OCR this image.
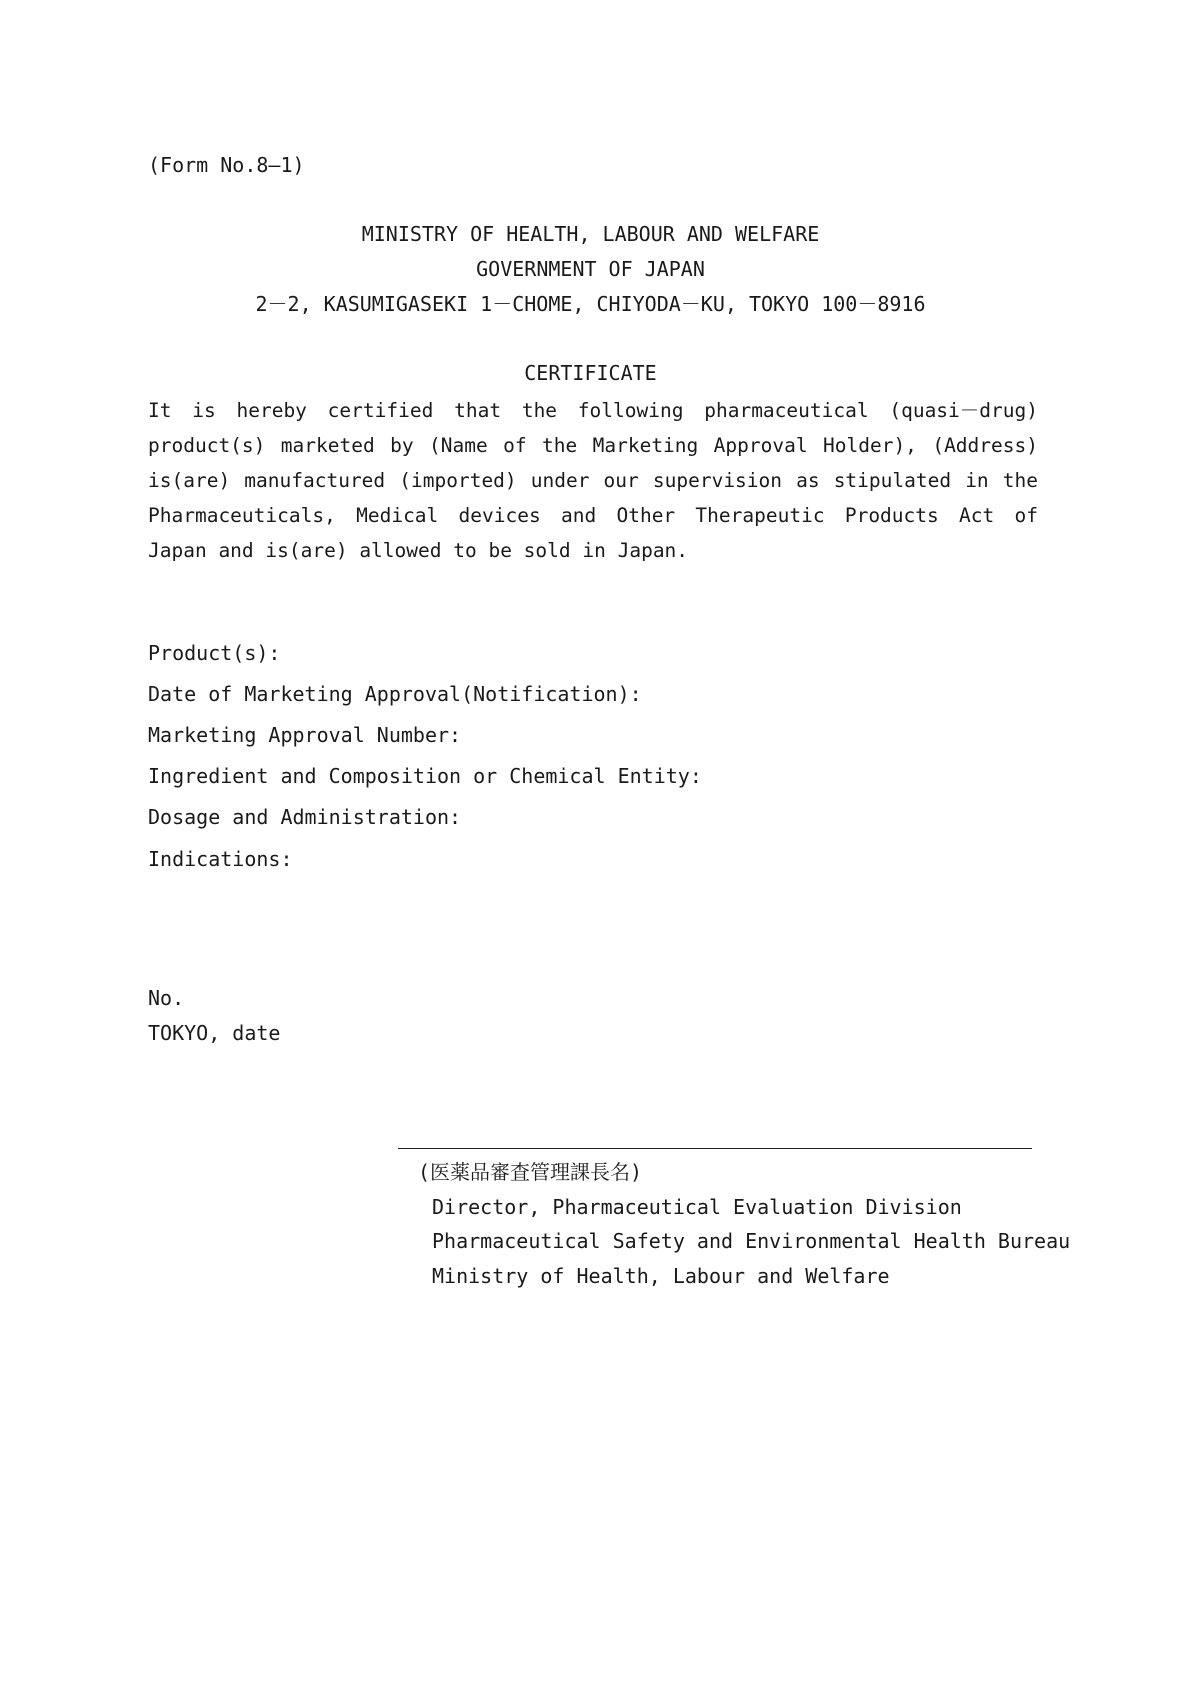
(Form No.8—1)
MINISTRY OF HEALTH, LABOUR AND WELFARE
GOVERNMENT OF JAPAN
2－2, KASUMIGASEKI 1－CHOME, CHIYODA－KU, TOKYO 100－8916
CERTIFICATE
It is hereby certified that the following pharmaceutical (quasi－drug) product(s) marketed by (Name of the Marketing Approval Holder), (Address) is(are) manufactured (imported) under our supervision as stipulated in the Pharmaceuticals, Medical devices and Other Therapeutic Products Act of Japan and is(are) allowed to be sold in Japan.
Product(s):
Date of Marketing Approval(Notification):
Marketing Approval Number:
Ingredient and Composition or Chemical Entity:
Dosage and Administration:
Indications:
No.
TOKYO, date
(医薬品審査管理課長名)
Director, Pharmaceutical Evaluation Division
Pharmaceutical Safety and Environmental Health Bureau
Ministry of Health, Labour and Welfare
